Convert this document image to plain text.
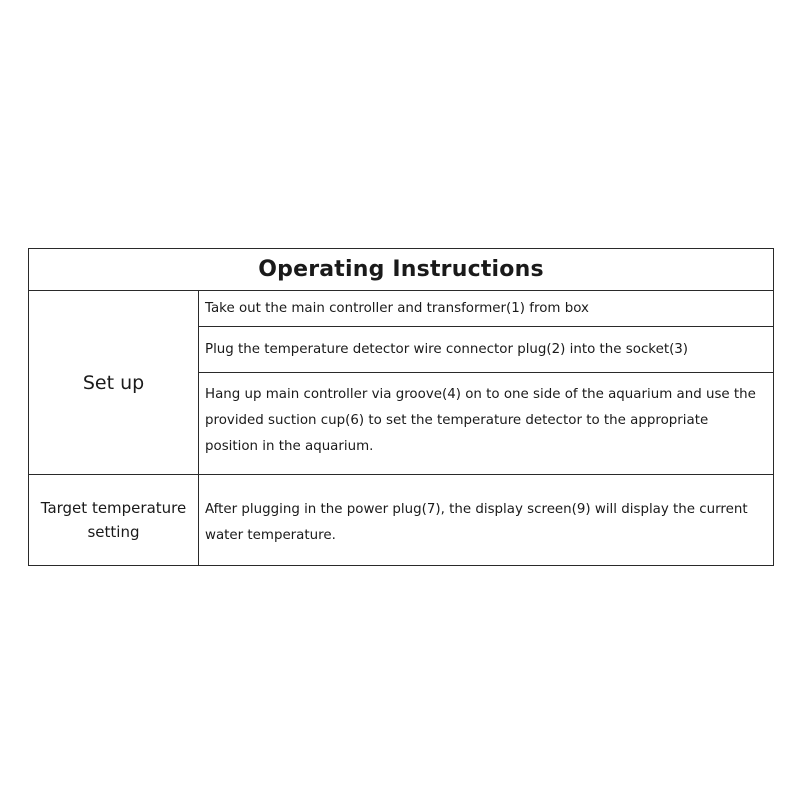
Operating Instructions
Set up
Take out the main controller and transformer(1) from box
Plug the temperature detector wire connector plug(2) into the socket(3)
Hang up main controller via groove(4) on to one side of the aquarium and use the provided suction cup(6) to set the temperature detector to the appropriate position in the aquarium.
Target temperature setting
After plugging in the power plug(7), the display screen(9) will display the current water temperature.
